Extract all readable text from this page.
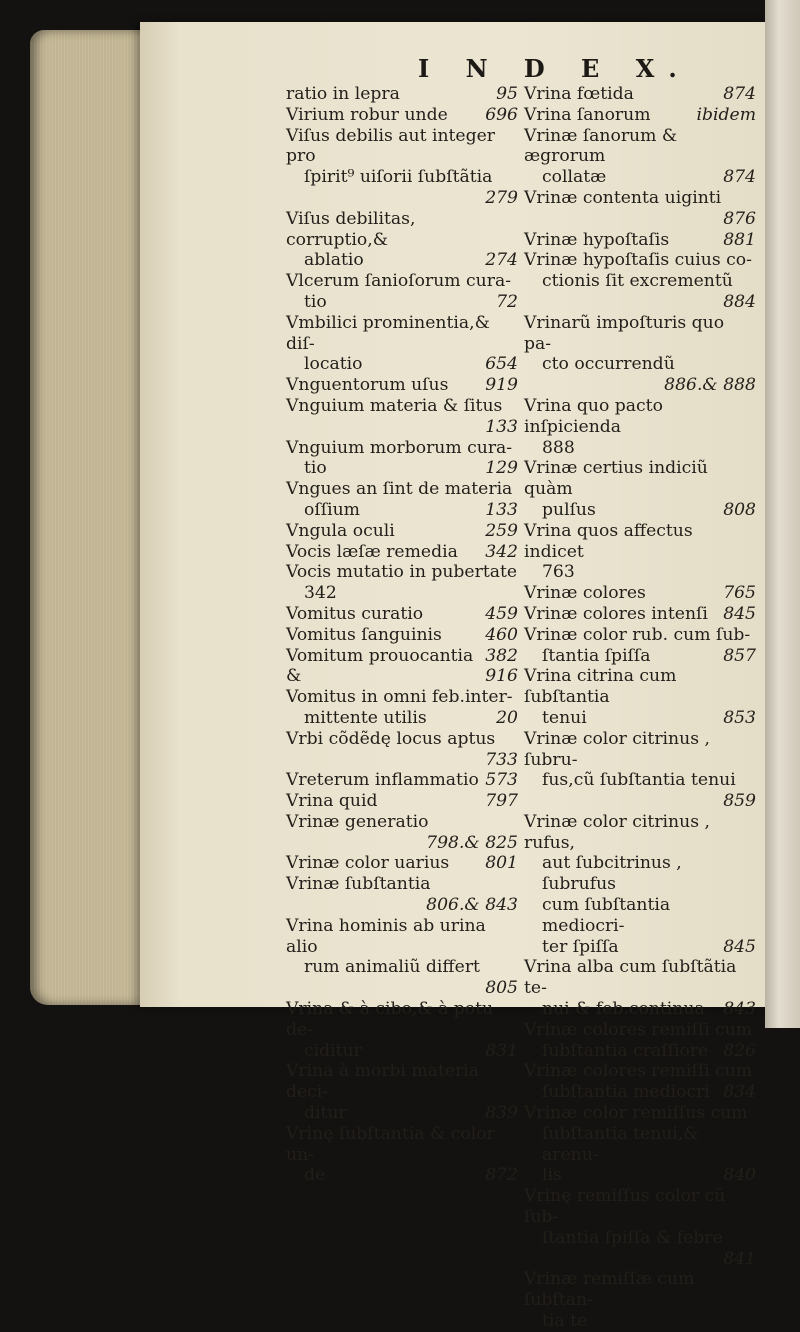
I N D E X.
ratio in lepra	95
Virium robur unde	696
Viſus debilis aut integer pro
ſpirit⁹ uiſorii ſubſtãtia
279
Viſus debilitas, corruptio,&
ablatio	274
Vlcerum ſanioſorum cura-
tio	72
Vmbilici prominentia,& diſ-
locatio	654
Vnguentorum uſus	919
Vnguium materia & ſitus
133
Vnguium morborum cura-
tio	129
Vngues an ſint de materia
oſſium	133
Vngula oculi	259
Vocis læſæ remedia	342
Vocis mutatio in pubertate
342
Vomitus curatio	459
Vomitus ſanguinis	460
Vomitum prouocantia 382
&	916
Vomitus in omni feb.inter-
mittente utilis	20
Vrbi cõdẽdę locus aptus
733
Vreterum inflammatio 573
Vrina quid	797
Vrinæ generatio
798.& 825
Vrinæ color uarius	801
Vrinæ ſubſtantia
806.& 843
Vrina hominis ab urina alio
rum animaliũ differt
805
Vrina & à cibo,& à potu de-
ciditur	831
Vrina à morbi materia deci-
ditur	839
Vrinę ſubſtantia & color un-
de	872
Vrina fœtida	874
Vrina ſanorum	ibidem
Vrinæ ſanorum & ægrorum
collatæ	874
Vrinæ contenta uiginti
876
Vrinæ hypoſtaſis	881
Vrinæ hypoſtaſis cuius co-
ctionis ſit excrementũ
884
Vrinarũ impoſturis quo pa-
cto occurrendũ
886.& 888
Vrina quo pacto inſpicienda
888
Vrinæ certius indiciũ quàm
pulſus	808
Vrina quos affectus indicet
763
Vrinæ colores	765
Vrinæ colores intenſi 845
Vrinæ color rub. cum ſub-
ſtantia ſpiſſa	857
Vrina citrina cum ſubſtantia
tenui	853
Vrinæ color citrinus , ſubru-
fus,cũ ſubſtantia tenui
859
Vrinæ color citrinus , rufus,
aut ſubcitrinus , ſubrufus
cum ſubſtantia mediocri-
ter ſpiſſa	845
Vrina alba cum ſubſtãtia te-
nui & feb.continua	843
Vrinæ colores remiſſi cum
ſubſtantia craſſiore 826
Vrinæ colores remiſſi cum
ſubſtantia mediocri 834
Vrinæ color remiſſus cum
ſubſtantia tenui,& arenu-
lis	840
Vrinę remiſſus color cũ ſub-
ſtantia ſpiſſa & febre
841
Vrinæ remiſſæ cum ſubſtan-
tia te
